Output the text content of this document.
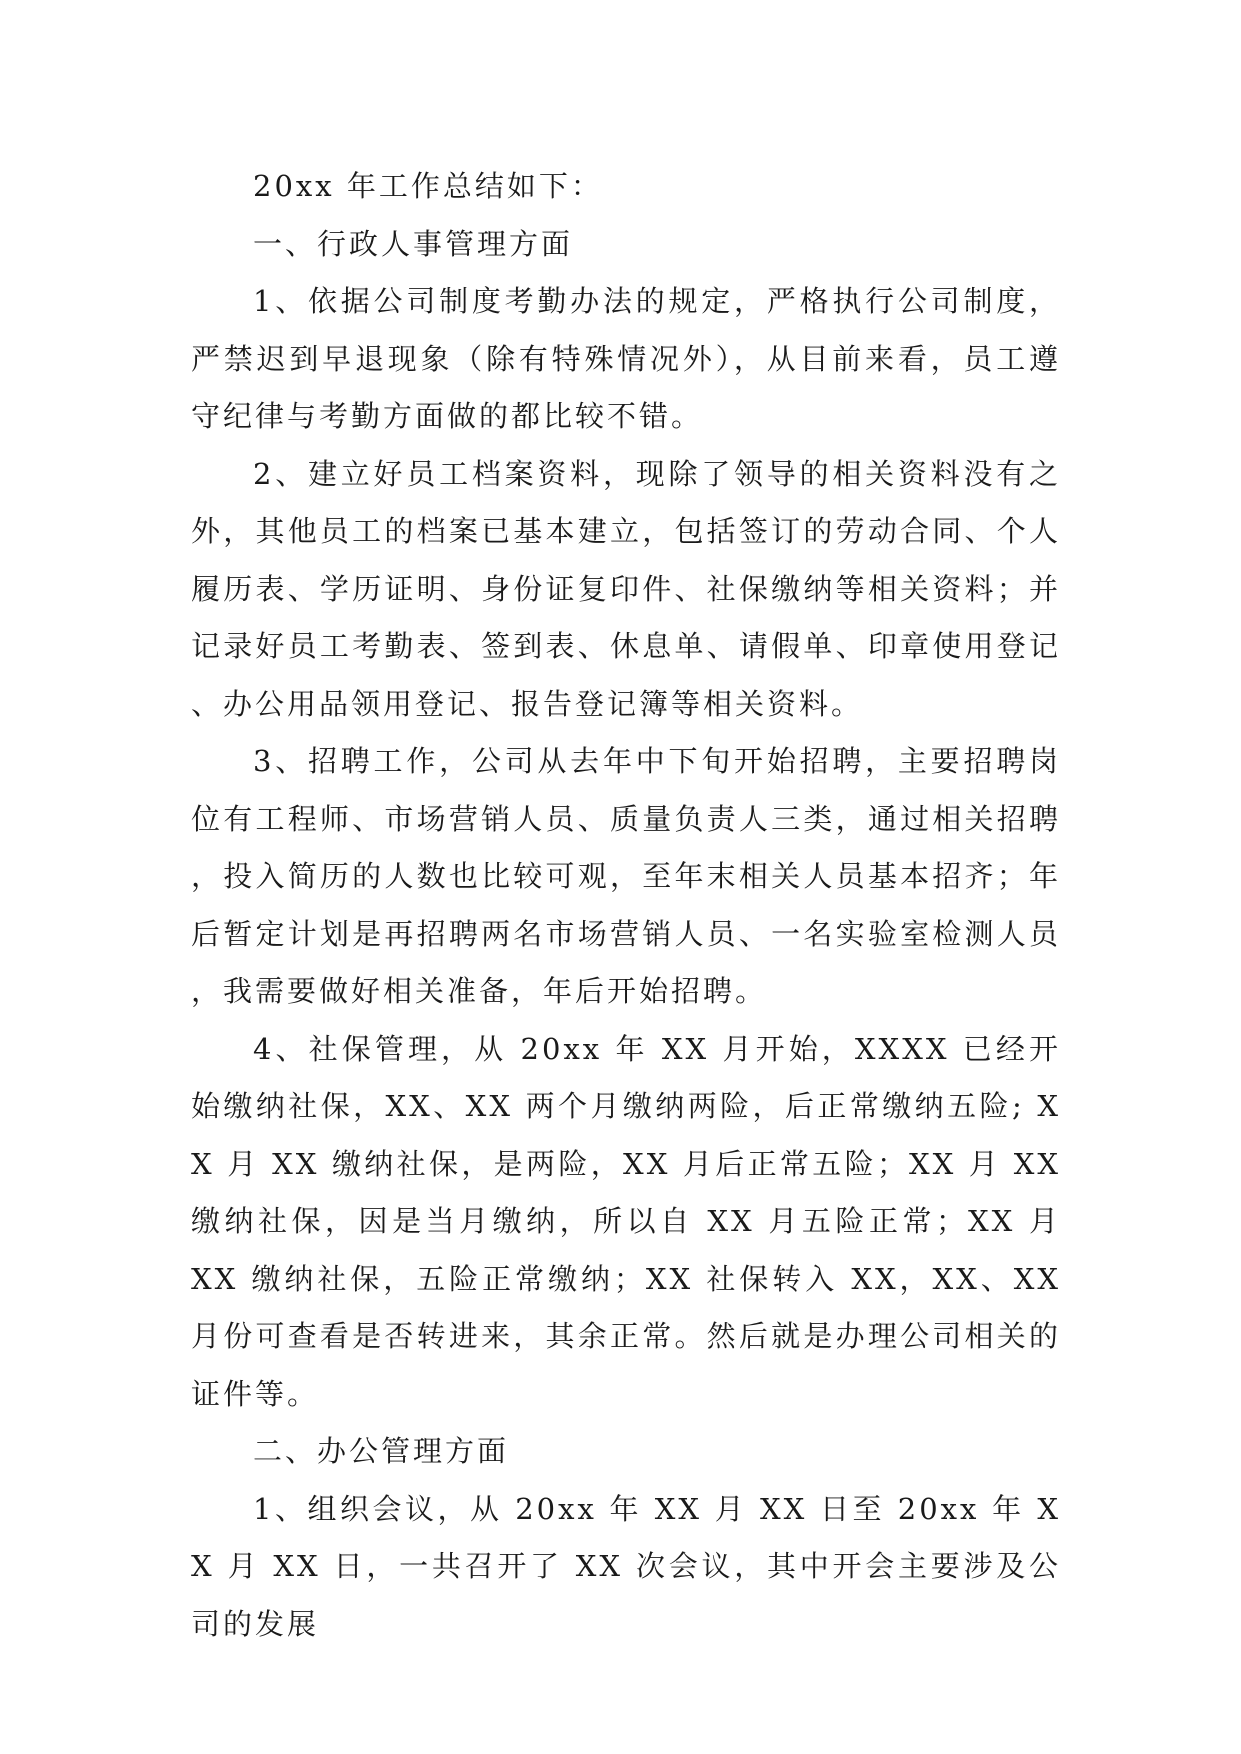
20xx 年工作总结如下：

一、行政人事管理方面

1、依据公司制度考勤办法的规定，严格执行公司制度，严禁迟到早退现象（除有特殊情况外），从目前来看，员工遵守纪律与考勤方面做的都比较不错。

2、建立好员工档案资料，现除了领导的相关资料没有之外，其他员工的档案已基本建立，包括签订的劳动合同、个人履历表、学历证明、身份证复印件、社保缴纳等相关资料；并记录好员工考勤表、签到表、休息单、请假单、印章使用登记、办公用品领用登记、报告登记簿等相关资料。

3、招聘工作，公司从去年中下旬开始招聘，主要招聘岗位有工程师、市场营销人员、质量负责人三类，通过相关招聘，投入简历的人数也比较可观，至年末相关人员基本招齐；年后暂定计划是再招聘两名市场营销人员、一名实验室检测人员，我需要做好相关准备，年后开始招聘。

4、社保管理，从 20xx 年 XX 月开始，XXXX 已经开始缴纳社保，XX、XX 两个月缴纳两险，后正常缴纳五险; XX 月 XX 缴纳社保，是两险，XX 月后正常五险；XX 月 XX 缴纳社保，因是当月缴纳，所以自 XX 月五险正常；XX 月 XX 缴纳社保，五险正常缴纳；XX 社保转入 XX，XX、XX 月份可查看是否转进来，其余正常。然后就是办理公司相关的证件等。

二、办公管理方面

1、组织会议，从 20xx 年 XX 月 XX 日至 20xx 年 XX 月 XX 日，一共召开了 XX 次会议，其中开会主要涉及公司的发展
